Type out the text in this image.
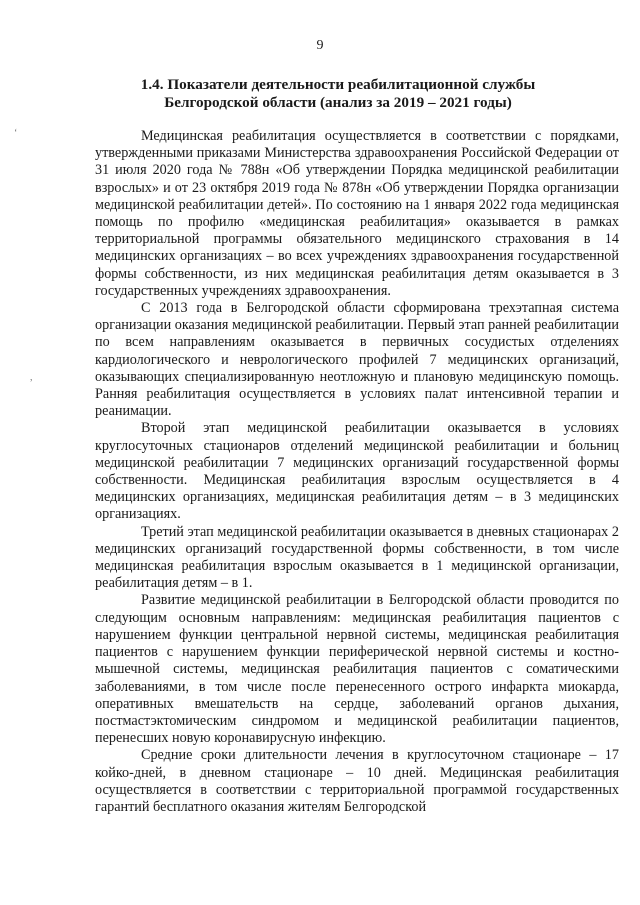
9
‘
,
1.4. Показатели деятельности реабилитационной службы
Белгородской области (анализ за 2019 – 2021 годы)

Медицинская реабилитация осуществляется в соответствии с порядками, утвержденными приказами Министерства здравоохранения Российской Федерации от 31 июля 2020 года № 788н «Об утверждении Порядка медицинской реабилитации взрослых» и от 23 октября 2019 года № 878н «Об утверждении Порядка организации медицинской реабилитации детей». По состоянию на 1 января 2022 года медицинская помощь по профилю «медицинская реабилитация» оказывается в рамках территориальной программы обязательного медицинского страхования в 14 медицинских организациях – во всех учреждениях здравоохранения государственной формы собственности, из них медицинская реабилитация детям оказывается в 3 государственных учреждениях здравоохранения.

С 2013 года в Белгородской области сформирована трехэтапная система организации оказания медицинской реабилитации. Первый этап ранней реабилитации по всем направлениям оказывается в первичных сосудистых отделениях кардиологического и неврологического профилей 7 медицинских организаций, оказывающих специализированную неотложную и плановую медицинскую помощь. Ранняя реабилитация осуществляется в условиях палат интенсивной терапии и реанимации.

Второй этап медицинской реабилитации оказывается в условиях круглосуточных стационаров отделений медицинской реабилитации и больниц медицинской реабилитации 7 медицинских организаций государственной формы собственности. Медицинская реабилитация взрослым осуществляется в 4 медицинских организациях, медицинская реабилитация детям – в 3 медицинских организациях.

Третий этап медицинской реабилитации оказывается в дневных стационарах 2 медицинских организаций государственной формы собственности, в том числе медицинская реабилитация взрослым оказывается в 1 медицинской организации, реабилитация детям – в 1.

Развитие медицинской реабилитации в Белгородской области проводится по следующим основным направлениям: медицинская реабилитация пациентов с нарушением функции центральной нервной системы, медицинская реабилитация пациентов с нарушением функции периферической нервной системы и костно-мышечной системы, медицинская реабилитация пациентов с соматическими заболеваниями, в том числе после перенесенного острого инфаркта миокарда, оперативных вмешательств на сердце, заболеваний органов дыхания, постмастэктомическим синдромом и медицинской реабилитации пациентов, перенесших новую коронавирусную инфекцию.

Средние сроки длительности лечения в круглосуточном стационаре – 17 койко-дней, в дневном стационаре – 10 дней. Медицинская реабилитация осуществляется в соответствии с территориальной программой государственных гарантий бесплатного оказания жителям Белгородской
